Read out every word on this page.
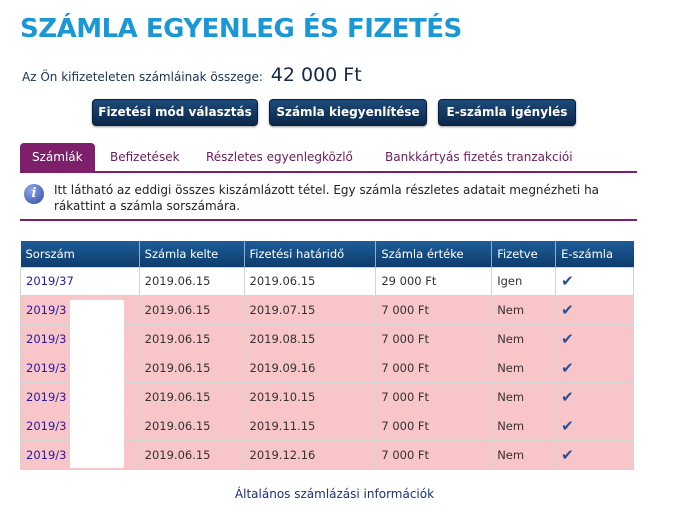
SZÁMLA EGYENLEG ÉS FIZETÉS
Az Ön kifizeteleten számláinak összege: 42 000 Ft
Fizetési mód választás	Számla kiegyenlítése	E-számla igénylés
Számlák	Befizetések	Részletes egyenlegközlő	Bankkártyás fizetés tranzakciói
i	Itt látható az eddigi összes kiszámlázott tétel. Egy számla részletes adatait megnézheti ha rákattint a számla sorszámára.
Sorszám	Számla kelte	Fizetési határidő	Számla értéke	Fizetve	E-számla
2019/37	2019.06.15	2019.06.15	29 000 Ft	Igen	✔
2019/3	2019.06.15	2019.07.15	7 000 Ft	Nem	✔
2019/3	2019.06.15	2019.08.15	7 000 Ft	Nem	✔
2019/3	2019.06.15	2019.09.16	7 000 Ft	Nem	✔
2019/3	2019.06.15	2019.10.15	7 000 Ft	Nem	✔
2019/3	2019.06.15	2019.11.15	7 000 Ft	Nem	✔
2019/3	2019.06.15	2019.12.16	7 000 Ft	Nem	✔
Általános számlázási információk
